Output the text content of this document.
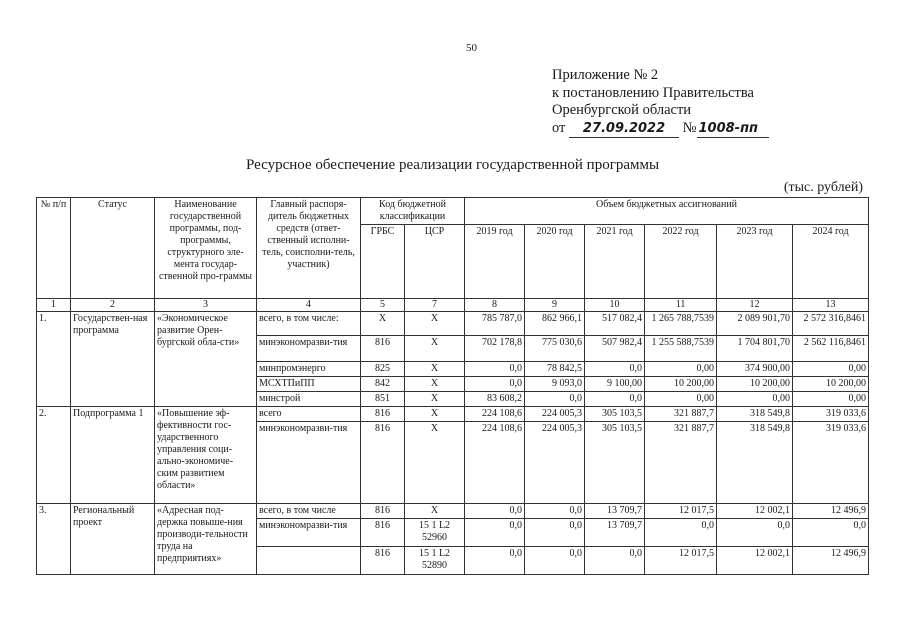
50
Приложение № 2
к постановлению Правительства
Оренбургской области
от 27.09.2022 № 1008-пп
Ресурсное обеспечение реализации государственной программы
(тыс. рублей)
№ п/п	Статус	Наименование государственной программы, под-программы, структурного эле-мента государ-ственной про-граммы	Главный распоря-дитель бюджетных средств (ответ-ственный исполни-тель, соисполни-тель, участник)	Код бюджетной классификации		Объем бюджетных ассигнований					
				ГРБС	ЦСР	2019 год	2020 год	2021 год	2022 год	2023 год	2024 год
1	2	3	4	5	7	8	9	10	11	12	13
1.	Государствен-ная программа	«Экономическое развитие Орен-бургской обла-сти»	всего, в том числе:	X	X	785 787,0	862 966,1	517 082,4	1 265 788,7539	2 089 901,70	2 572 316,8461
			минэкономразви-тия	816	X	702 178,8	775 030,6	507 982,4	1 255 588,7539	1 704 801,70	2 562 116,8461
			минпромэнерго	825	X	0,0	78 842,5	0,0	0,00	374 900,00	0,00
			МСХТПиПП	842	X	0,0	9 093,0	9 100,00	10 200,00	10 200,00	10 200,00
			минстрой	851	X	83 608,2	0,0	0,0	0,00	0,00	0,00
2.	Подпрограмма 1	«Повышение эф-фективности гос-ударственного управления соци-ально-экономиче-ским развитием области»	всего	816	X	224 108,6	224 005,3	305 103,5	321 887,7	318 549,8	319 033,6
			минэкономразви-тия	816	X	224 108,6	224 005,3	305 103,5	321 887,7	318 549,8	319 033,6
3.	Региональный проект	«Адресная под-держка повыше-ния производи-тельности труда на предприятиях»	всего, в том числе	816	X	0,0	0,0	13 709,7	12 017,5	12 002,1	12 496,9
			минэкономразви-тия	816	15 1 L2 52960	0,0	0,0	13 709,7	0,0	0,0	0,0
				816	15 1 L2 52890	0,0	0,0	0,0	12 017,5	12 002,1	12 496,9
